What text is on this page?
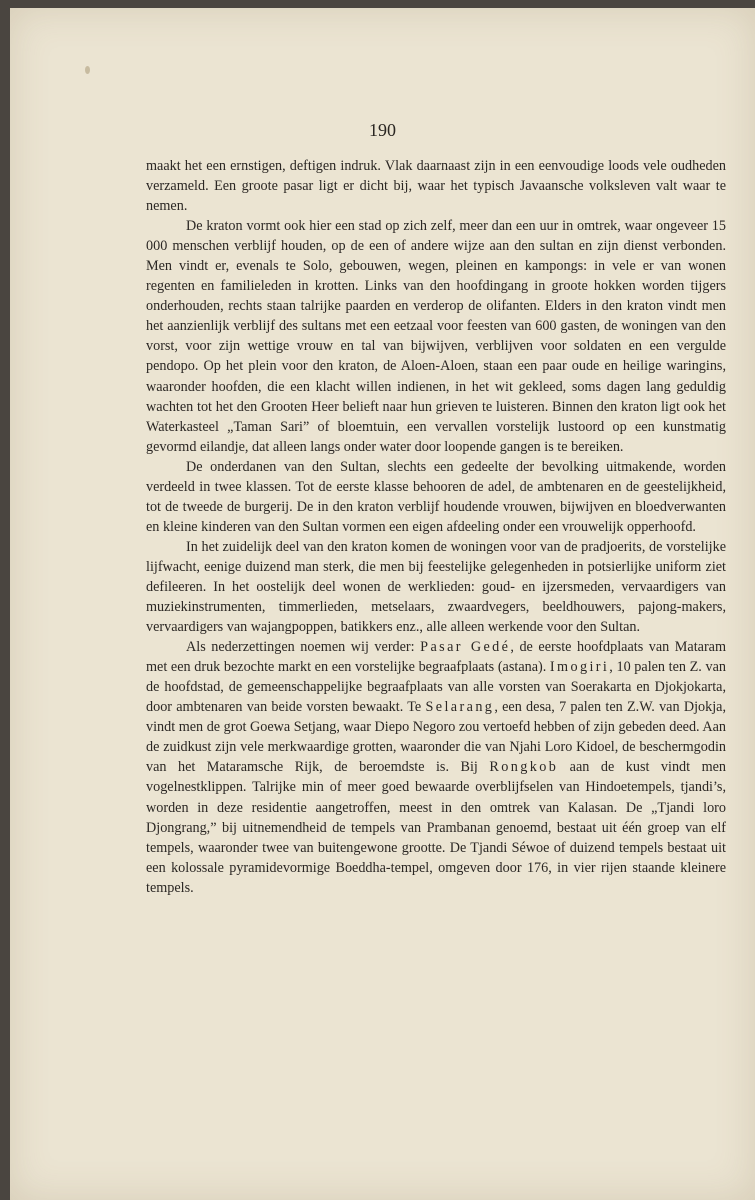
190

maakt het een ernstigen, deftigen indruk. Vlak daarnaast zijn in een eenvoudige loods vele oudheden verzameld. Een groote pasar ligt er dicht bij, waar het typisch Javaansche volksleven valt waar te nemen.

De kraton vormt ook hier een stad op zich zelf, meer dan een uur in omtrek, waar ongeveer 15 000 menschen verblijf houden, op de een of andere wijze aan den sultan en zijn dienst verbonden. Men vindt er, evenals te Solo, gebouwen, wegen, pleinen en kampongs: in vele er van wonen regenten en familieleden in krotten. Links van den hoofdingang in groote hokken worden tijgers onderhouden, rechts staan talrijke paarden en verderop de olifanten. Elders in den kraton vindt men het aanzienlijk verblijf des sultans met een eetzaal voor feesten van 600 gasten, de woningen van den vorst, voor zijn wettige vrouw en tal van bijwijven, verblijven voor soldaten en een vergulde pendopo. Op het plein voor den kraton, de Aloen-Aloen, staan een paar oude en heilige waringins, waaronder hoofden, die een klacht willen indienen, in het wit gekleed, soms dagen lang geduldig wachten tot het den Grooten Heer belieft naar hun grieven te luisteren. Binnen den kraton ligt ook het Waterkasteel „Taman Sari” of bloemtuin, een vervallen vorstelijk lustoord op een kunstmatig gevormd eilandje, dat alleen langs onder water door loopende gangen is te bereiken.

De onderdanen van den Sultan, slechts een gedeelte der bevolking uitmakende, worden verdeeld in twee klassen. Tot de eerste klasse behooren de adel, de ambtenaren en de geestelijkheid, tot de tweede de burgerij. De in den kraton verblijf houdende vrouwen, bijwijven en bloedverwanten en kleine kinderen van den Sultan vormen een eigen afdeeling onder een vrouwelijk opperhoofd.

In het zuidelijk deel van den kraton komen de woningen voor van de pradjoerits, de vorstelijke lijfwacht, eenige duizend man sterk, die men bij feestelijke gelegenheden in potsierlijke uniform ziet defileeren. In het oostelijk deel wonen de werklieden: goud- en ijzersmeden, vervaardigers van muziekinstrumenten, timmerlieden, metselaars, zwaardvegers, beeldhouwers, pajong-makers, vervaardigers van wajangpoppen, batikkers enz., alle alleen werkende voor den Sultan.

Als nederzettingen noemen wij verder: Pasar Gedé, de eerste hoofdplaats van Mataram met een druk bezochte markt en een vorstelijke begraafplaats (astana). Imogiri, 10 palen ten Z. van de hoofdstad, de gemeenschappelijke begraafplaats van alle vorsten van Soerakarta en Djokjokarta, door ambtenaren van beide vorsten bewaakt. Te Selarang, een desa, 7 palen ten Z.W. van Djokja, vindt men de grot Goewa Setjang, waar Diepo Negoro zou vertoefd hebben of zijn gebeden deed. Aan de zuidkust zijn vele merkwaardige grotten, waaronder die van Njahi Loro Kidoel, de beschermgodin van het Mataramsche Rijk, de beroemdste is. Bij Rongkob aan de kust vindt men vogelnestklippen. Talrijke min of meer goed bewaarde overblijfselen van Hindoetempels, tjandi’s, worden in deze residentie aangetroffen, meest in den omtrek van Kalasan. De „Tjandi loro Djongrang,” bij uitnemendheid de tempels van Prambanan genoemd, bestaat uit één groep van elf tempels, waaronder twee van buitengewone grootte. De Tjandi Séwoe of duizend tempels bestaat uit een kolossale pyramidevormige Boeddha-tempel, omgeven door 176, in vier rijen staande kleinere tempels.
